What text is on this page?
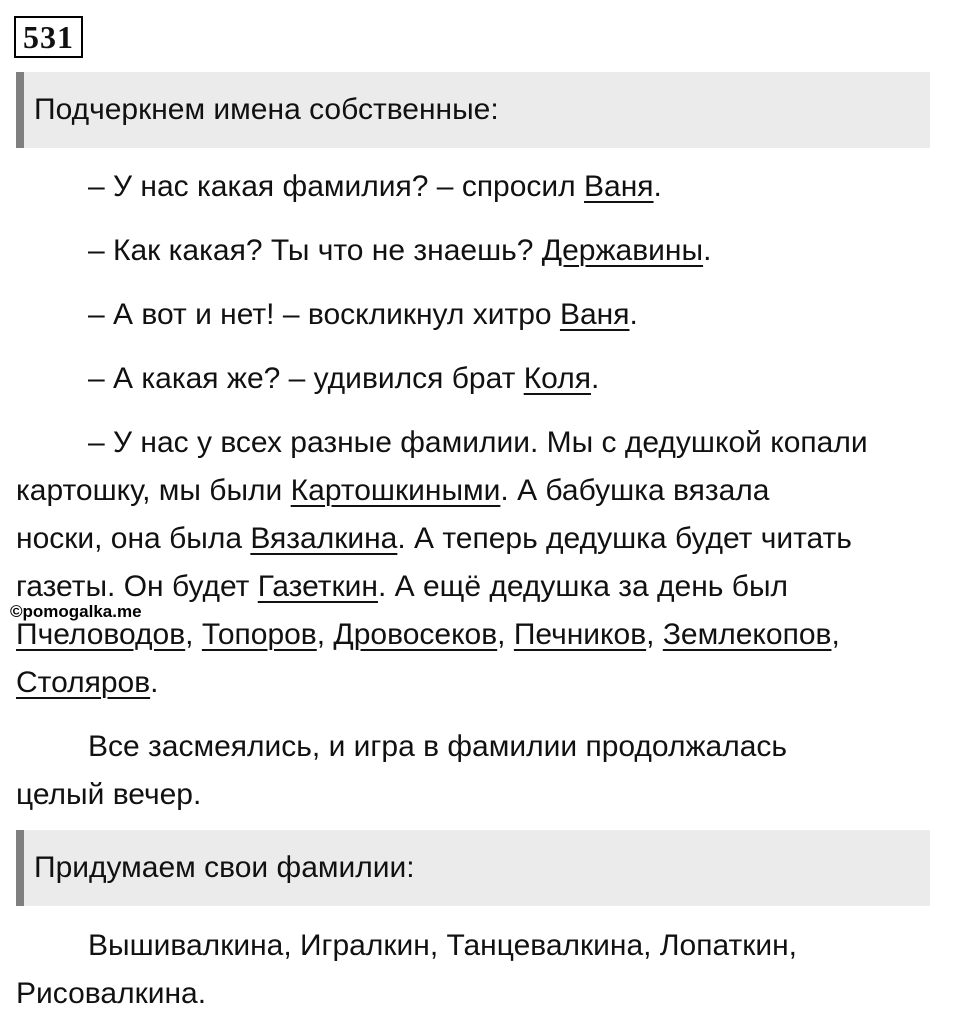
531
Подчеркнем имена собственные:
– У нас какая фамилия? – спросил Ваня.
– Как какая? Ты что не знаешь? Державины.
– А вот и нет! – воскликнул хитро Ваня.
– А какая же? – удивился брат Коля.
– У нас у всех разные фамилии. Мы с дедушкой копали
картошку, мы были Картошкиными. А бабушка вязала
носки, она была Вязалкина. А теперь дедушка будет читать
газеты. Он будет Газеткин. А ещё дедушка за день был
©pomogalka.me
Пчеловодов, Топоров, Дровосеков, Печников, Землекопов,
Столяров.
Все засмеялись, и игра в фамилии продолжалась
целый вечер.
Придумаем свои фамилии:
Вышивалкина, Игралкин, Танцевалкина, Лопаткин,
Рисовалкина.
